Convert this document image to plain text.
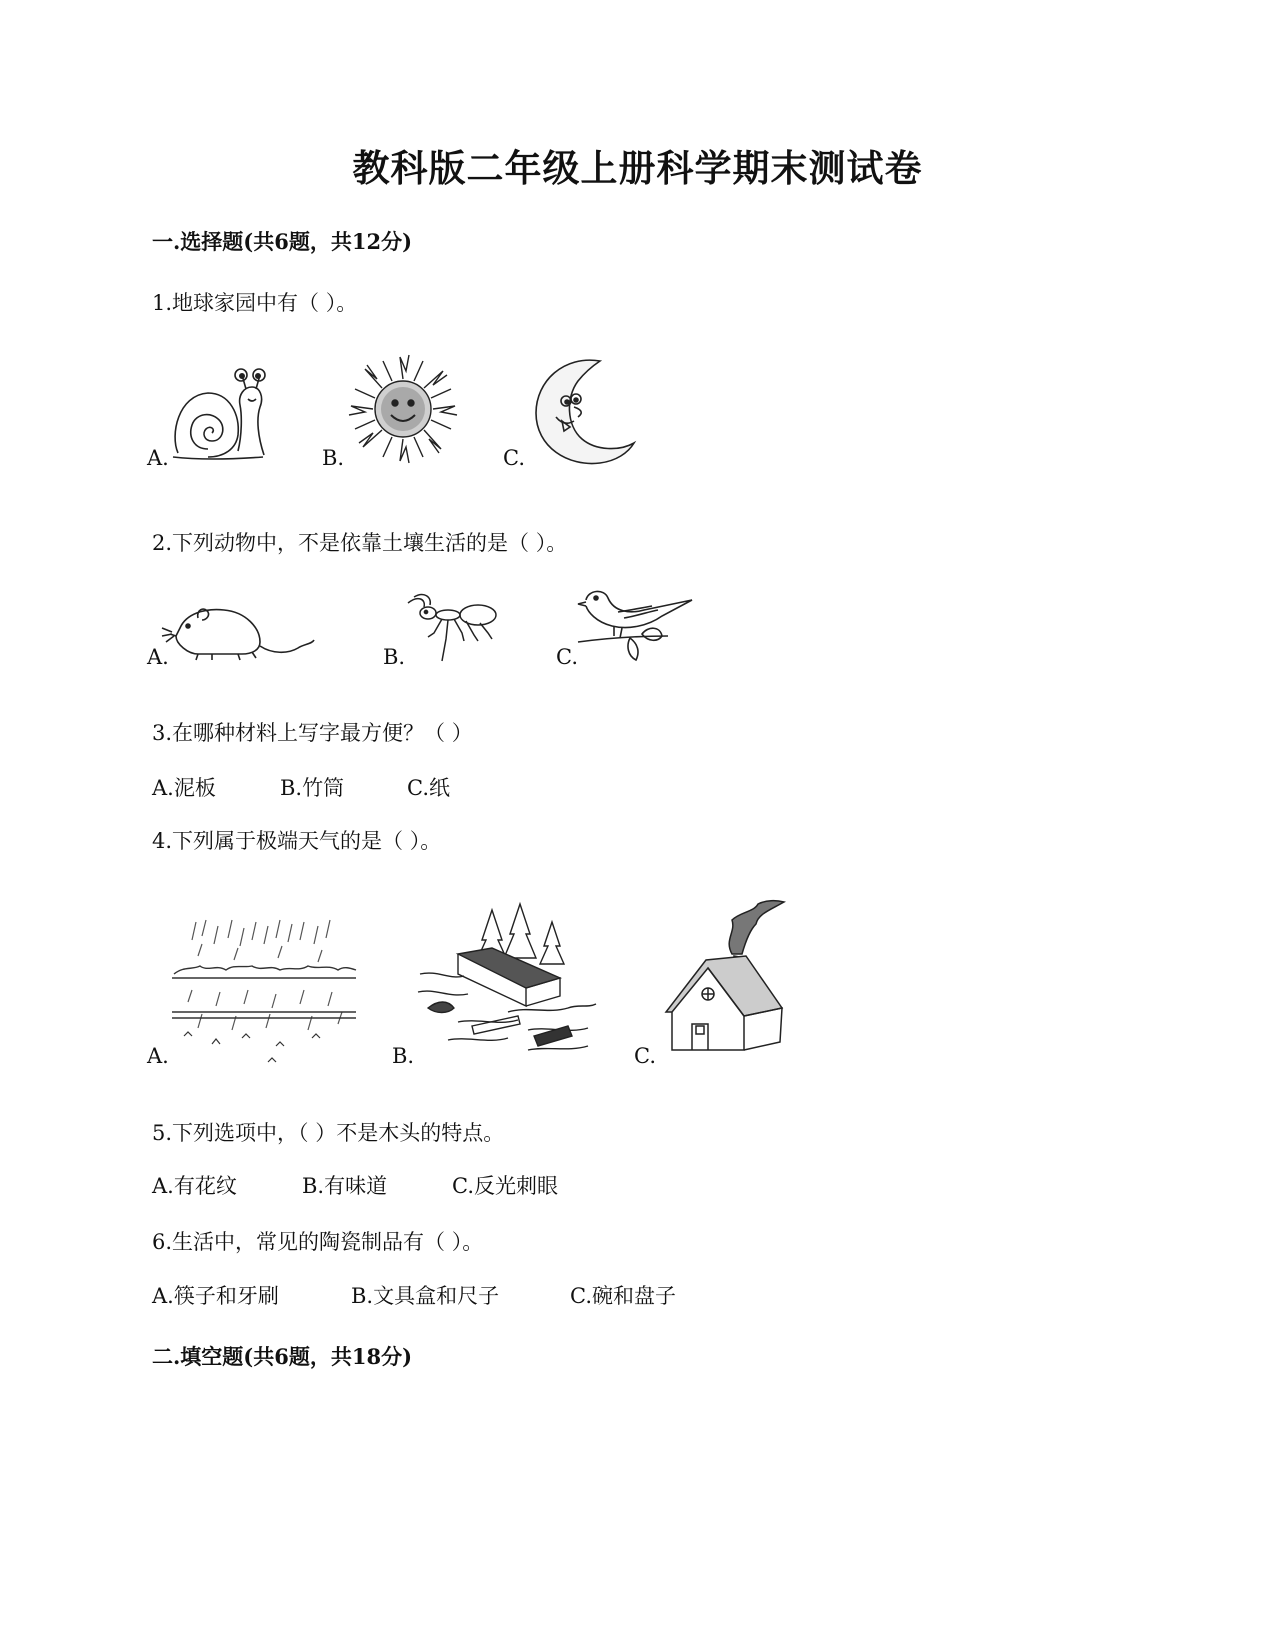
教科版二年级上册科学期末测试卷
一.选择题(共6题，共12分)
1.地球家园中有（ ）。
A.	B.	C.
2.下列动物中，不是依靠土壤生活的是（ ）。
A.	B.	C.
3.在哪种材料上写字最方便？（ ）
A.泥板	B.竹筒	C.纸
4.下列属于极端天气的是（ ）。
A.	B.	C.
5.下列选项中，（ ）不是木头的特点。
A.有花纹	B.有味道	C.反光刺眼
6.生活中，常见的陶瓷制品有（ ）。
A.筷子和牙刷	B.文具盒和尺子	C.碗和盘子
二.填空题(共6题，共18分)
